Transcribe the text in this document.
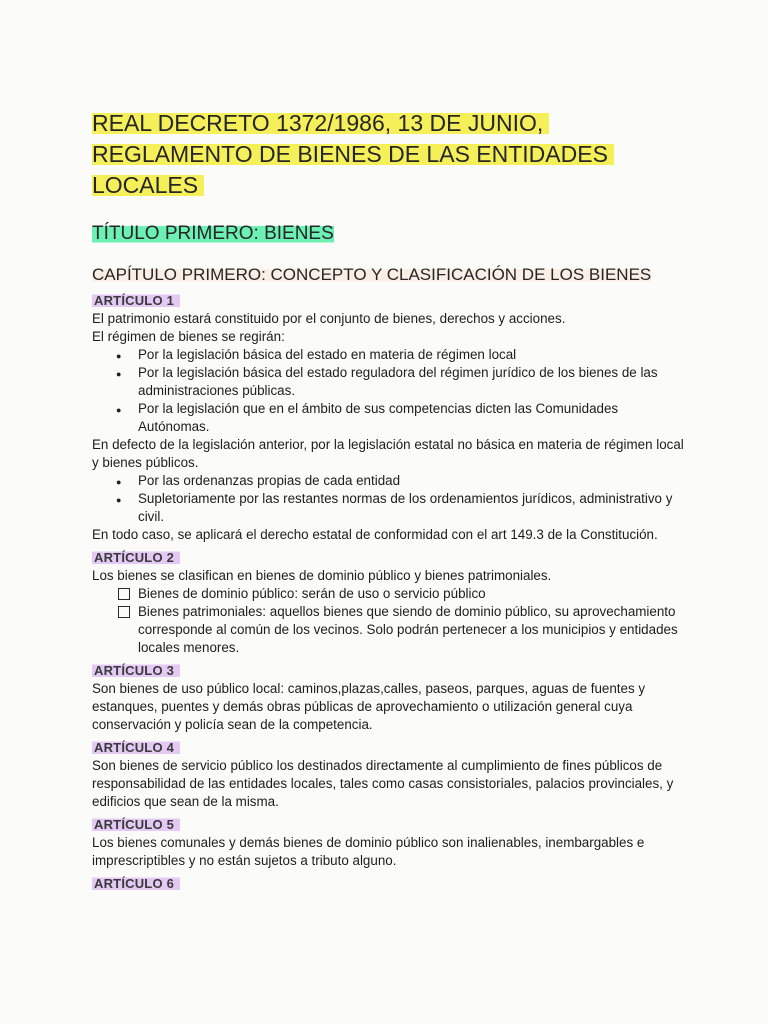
REAL DECRETO 1372/1986, 13 DE JUNIO,
REGLAMENTO DE BIENES DE LAS ENTIDADES
LOCALES
TÍTULO PRIMERO: BIENES
CAPÍTULO PRIMERO: CONCEPTO Y CLASIFICACIÓN DE LOS BIENES
ARTÍCULO 1

El patrimonio estará constituido por el conjunto de bienes, derechos y acciones.

El régimen de bienes se regirán:

● Por la legislación básica del estado en materia de régimen local
● Por la legislación básica del estado reguladora del régimen jurídico de los bienes de las administraciones públicas.
● Por la legislación que en el ámbito de sus competencias dicten las Comunidades Autónomas.

En defecto de la legislación anterior, por la legislación estatal no básica en materia de régimen local y bienes públicos.

● Por las ordenanzas propias de cada entidad
● Supletoriamente por las restantes normas de los ordenamientos jurídicos, administrativo y civil.

En todo caso, se aplicará el derecho estatal de conformidad con el art 149.3 de la Constitución.

ARTÍCULO 2

Los bienes se clasifican en bienes de dominio público y bienes patrimoniales.

Bienes de dominio público: serán de uso o servicio público
Bienes patrimoniales: aquellos bienes que siendo de dominio público, su aprovechamiento corresponde al común de los vecinos. Solo podrán pertenecer a los municipios y entidades locales menores.
ARTÍCULO 3

Son bienes de uso público local: caminos,plazas,calles, paseos, parques, aguas de fuentes y estanques, puentes y demás obras públicas de aprovechamiento o utilización general cuya conservación y policía sean de la competencia.

ARTÍCULO 4

Son bienes de servicio público los destinados directamente al cumplimiento de fines públicos de responsabilidad de las entidades locales, tales como casas consistoriales, palacios provinciales, y edificios que sean de la misma.

ARTÍCULO 5

Los bienes comunales y demás bienes de dominio público son inalienables, inembargables e imprescriptibles y no están sujetos a tributo alguno.

ARTÍCULO 6
